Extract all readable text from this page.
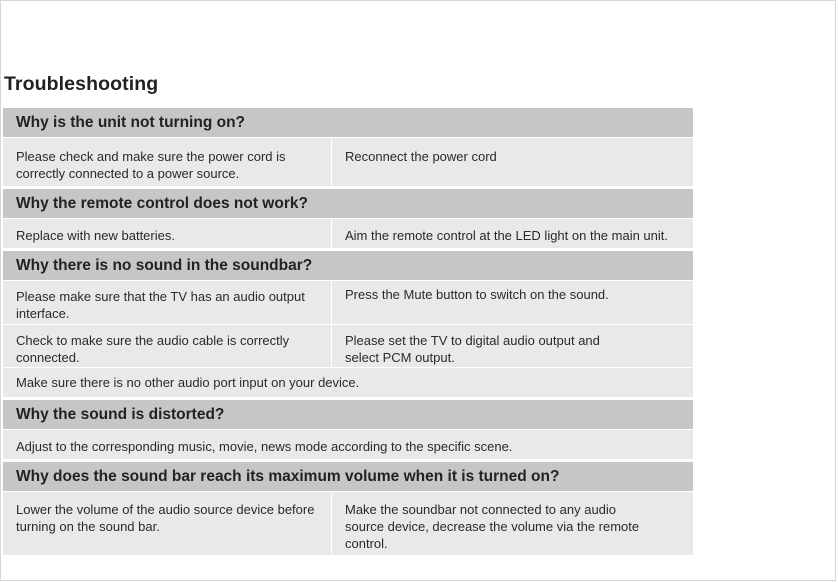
Troubleshooting
Why is the unit not turning on?
Please check and make sure the power cord is correctly connected to a power source.
Reconnect the power cord
Why the remote control does not work?
Replace with new batteries.	Aim the remote control at the LED light on the main unit.
Why there is no sound in the soundbar?
Please make sure that the TV has an audio output interface.
Press the Mute button to switch on the sound.
Check to make sure the audio cable is correctly connected.
Please set the TV to digital audio output and select PCM output.
Make sure there is no other audio port input on your device.
Why the sound is distorted?
Adjust to the corresponding music, movie, news mode according to the specific scene.
Why does the sound bar reach its maximum volume when it is turned on?
Lower the volume of the audio source device before turning on the sound bar.
Make the soundbar not connected to any audio source device, decrease the volume via the remote control.
